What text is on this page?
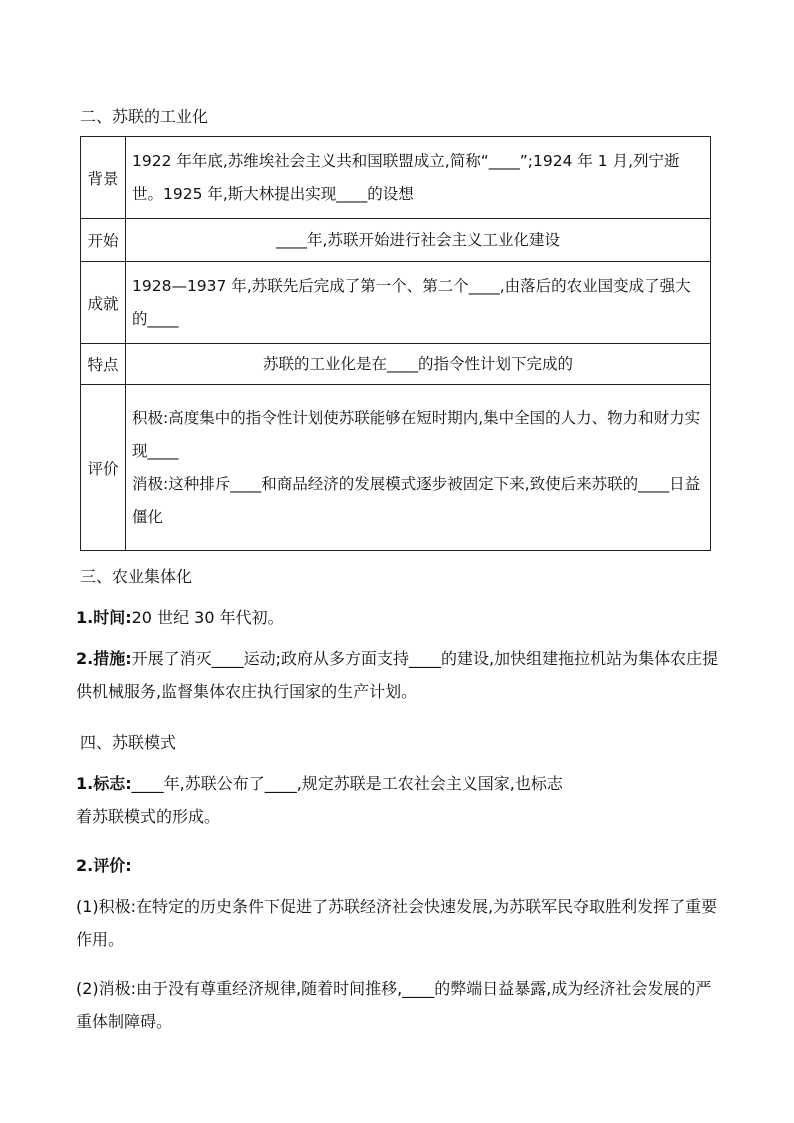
二、苏联的工业化
背景	1922 年年底,苏维埃社会主义共和国联盟成立,简称“____”;1924 年 1 月,列宁逝世。1925 年,斯大林提出实现____的设想
开始	____年,苏联开始进行社会主义工业化建设
成就	1928—1937 年,苏联先后完成了第一个、第二个____,由落后的农业国变成了强大的____
特点	苏联的工业化是在____的指令性计划下完成的
评价	积极:高度集中的指令性计划使苏联能够在短时期内,集中全国的人力、物力和财力实现____
消极:这种排斥____和商品经济的发展模式逐步被固定下来,致使后来苏联的____日益僵化
三、农业集体化
1.时间:20 世纪 30 年代初。
2.措施:开展了消灭____运动;政府从多方面支持____的建设,加快组建拖拉机站为集体农庄提供机械服务,监督集体农庄执行国家的生产计划。
四、苏联模式
1.标志:____年,苏联公布了____,规定苏联是工农社会主义国家,也标志
着苏联模式的形成。
2.评价:
(1)积极:在特定的历史条件下促进了苏联经济社会快速发展,为苏联军民夺取胜利发挥了重要作用。
(2)消极:由于没有尊重经济规律,随着时间推移,____的弊端日益暴露,成为经济社会发展的严重体制障碍。
